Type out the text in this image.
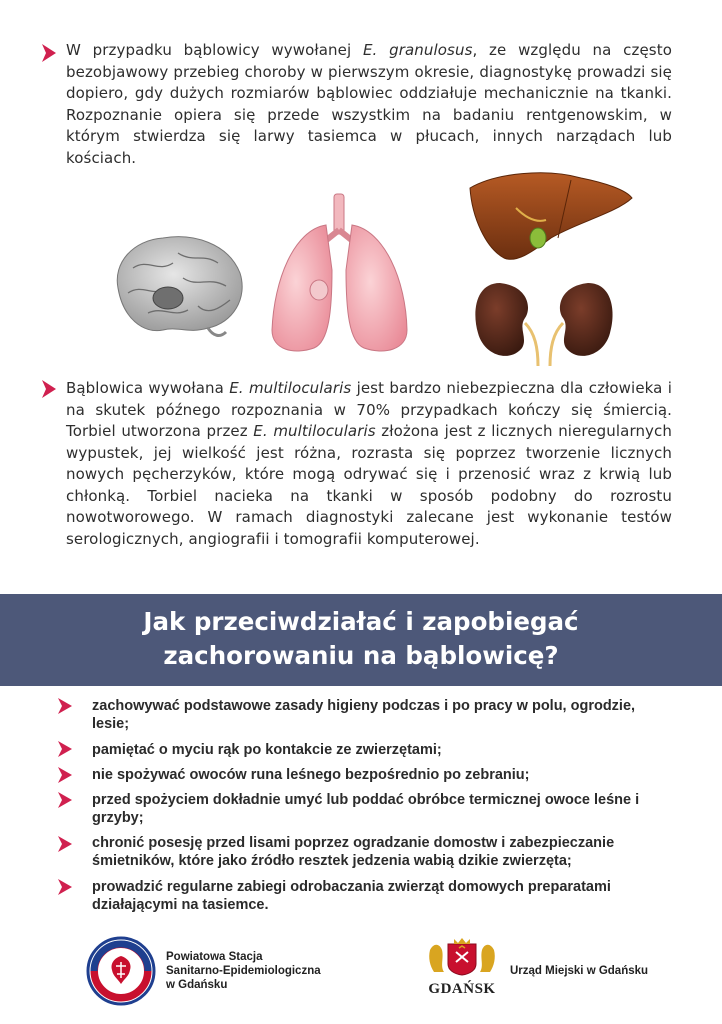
W przypadku bąblowicy wywołanej E. granulosus, ze względu na często bezobjawowy przebieg choroby w pierwszym okresie, diagnostykę prowadzi się dopiero, gdy dużych rozmiarów bąblowiec oddziałuje mechanicznie na tkanki. Rozpoznanie opiera się przede wszystkim na badaniu rentgenowskim, w którym stwierdza się larwy tasiemca w płucach, innych narządach lub kościach.

Bąblowica wywołana E. multilocularis jest bardzo niebezpieczna dla człowieka i na skutek późnego rozpoznania w 70% przypadkach kończy się śmiercią. Torbiel utworzona przez E. multilocularis złożona jest z licznych nieregularnych wypustek, jej wielkość jest różna, rozrasta się poprzez tworzenie licznych nowych pęcherzyków, które mogą odrywać się i przenosić wraz z krwią lub chłonką. Torbiel nacieka na tkanki w sposób podobny do rozrostu nowotworowego. W ramach diagnostyki zalecane jest wykonanie testów serologicznych, angiografii i tomografii komputerowej.

Jak przeciwdziałać i zapobiegać
zachorowaniu na bąblowicę?

zachowywać podstawowe zasady higieny podczas i po pracy w polu, ogrodzie, lesie;

pamiętać o myciu rąk po kontakcie ze zwierzętami;

nie spożywać owoców runa leśnego bezpośrednio po zebraniu;

przed spożyciem dokładnie umyć lub poddać obróbce termicznej owoce leśne i grzyby;

chronić posesję przed lisami poprzez ogradzanie domostw i zabezpieczanie śmietników, które jako źródło resztek jedzenia wabią dzikie zwierzęta;

prowadzić regularne zabiegi odrobaczania zwierząt domowych preparatami działającymi na tasiemce.

Powiatowa Stacja
Sanitarno-Epidemiologiczna
w Gdańsku	GDAŃSK
Urząd Miejski w Gdańsku
